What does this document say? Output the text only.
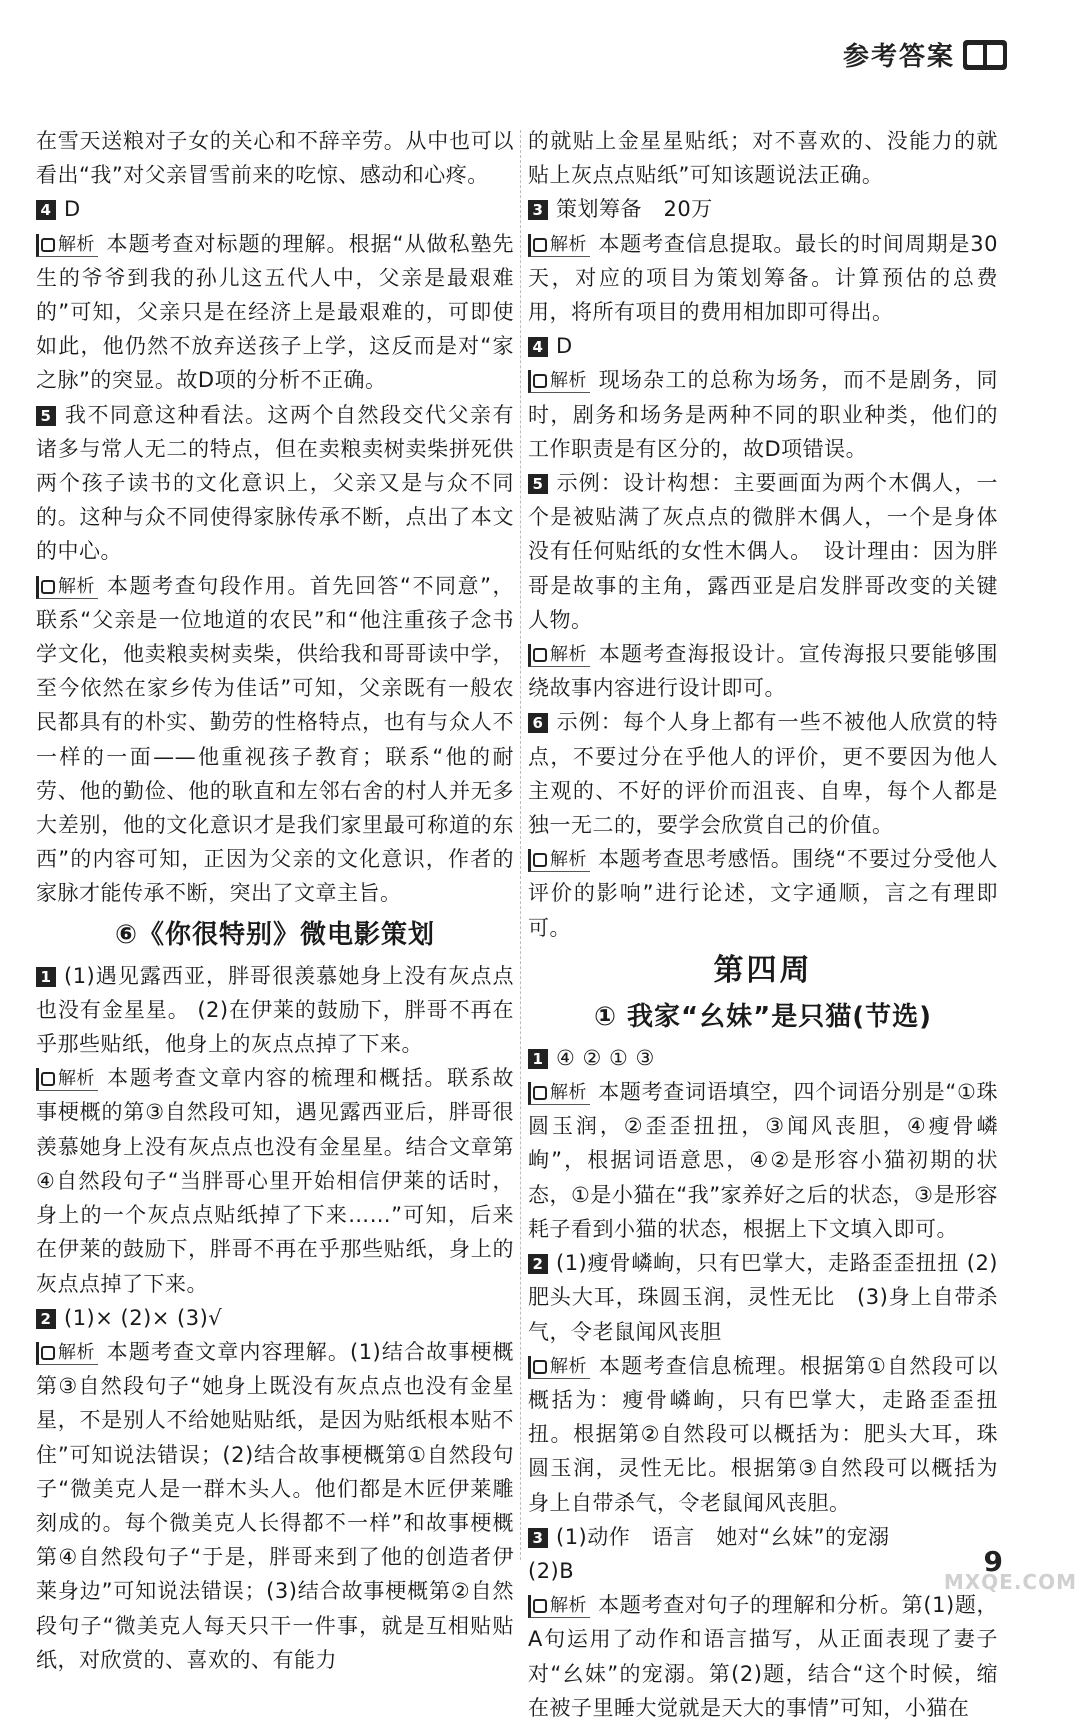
参考答案

在雪天送粮对子女的关心和不辞辛劳。从中也可以看出“我”对父亲冒雪前来的吃惊、感动和心疼。

4 D

解析 本题考查对标题的理解。根据“从做私塾先生的爷爷到我的孙儿这五代人中，父亲是最艰难的”可知，父亲只是在经济上是最艰难的，可即使如此，他仍然不放弃送孩子上学，这反而是对“家之脉”的突显。故D项的分析不正确。

5 我不同意这种看法。这两个自然段交代父亲有诸多与常人无二的特点，但在卖粮卖树卖柴拼死供两个孩子读书的文化意识上，父亲又是与众不同的。这种与众不同使得家脉传承不断，点出了本文的中心。

解析 本题考查句段作用。首先回答“不同意”，联系“父亲是一位地道的农民”和“他注重孩子念书学文化，他卖粮卖树卖柴，供给我和哥哥读中学，至今依然在家乡传为佳话”可知，父亲既有一般农民都具有的朴实、勤劳的性格特点，也有与众人不一样的一面——他重视孩子教育；联系“他的耐劳、他的勤俭、他的耿直和左邻右舍的村人并无多大差别，他的文化意识才是我们家里最可称道的东西”的内容可知，正因为父亲的文化意识，作者的家脉才能传承不断，突出了文章主旨。

⑥《你很特别》微电影策划

1 (1)遇见露西亚，胖哥很羡慕她身上没有灰点点也没有金星星。 (2)在伊莱的鼓励下，胖哥不再在乎那些贴纸，他身上的灰点点掉了下来。

解析 本题考查文章内容的梳理和概括。联系故事梗概的第③自然段可知，遇见露西亚后，胖哥很羡慕她身上没有灰点点也没有金星星。结合文章第④自然段句子“当胖哥心里开始相信伊莱的话时，身上的一个灰点点贴纸掉了下来……”可知，后来在伊莱的鼓励下，胖哥不再在乎那些贴纸，身上的灰点点掉了下来。

2 (1)× (2)× (3)√

解析 本题考查文章内容理解。(1)结合故事梗概第③自然段句子“她身上既没有灰点点也没有金星星，不是别人不给她贴贴纸，是因为贴纸根本贴不住”可知说法错误；(2)结合故事梗概第①自然段句子“微美克人是一群木头人。他们都是木匠伊莱雕刻成的。每个微美克人长得都不一样”和故事梗概第④自然段句子“于是，胖哥来到了他的创造者伊莱身边”可知说法错误；(3)结合故事梗概第②自然段句子“微美克人每天只干一件事，就是互相贴贴纸，对欣赏的、喜欢的、有能力

的就贴上金星星贴纸；对不喜欢的、没能力的就贴上灰点点贴纸”可知该题说法正确。

3 策划筹备　20万

解析 本题考查信息提取。最长的时间周期是30天，对应的项目为策划筹备。计算预估的总费用，将所有项目的费用相加即可得出。

4 D

解析 现场杂工的总称为场务，而不是剧务，同时，剧务和场务是两种不同的职业种类，他们的工作职责是有区分的，故D项错误。

5 示例：设计构想：主要画面为两个木偶人，一个是被贴满了灰点点的微胖木偶人，一个是身体没有任何贴纸的女性木偶人。　设计理由：因为胖哥是故事的主角，露西亚是启发胖哥改变的关键人物。

解析 本题考查海报设计。宣传海报只要能够围绕故事内容进行设计即可。

6 示例：每个人身上都有一些不被他人欣赏的特点，不要过分在乎他人的评价，更不要因为他人主观的、不好的评价而沮丧、自卑，每个人都是独一无二的，要学会欣赏自己的价值。

解析 本题考查思考感悟。围绕“不要过分受他人评价的影响”进行论述，文字通顺，言之有理即可。

第四周
① 我家“幺妹”是只猫(节选)

1 ④ ② ① ③

解析 本题考查词语填空，四个词语分别是“①珠圆玉润，②歪歪扭扭，③闻风丧胆，④瘦骨嶙峋”，根据词语意思，④②是形容小猫初期的状态，①是小猫在“我”家养好之后的状态，③是形容耗子看到小猫的状态，根据上下文填入即可。

2 (1)瘦骨嶙峋，只有巴掌大，走路歪歪扭扭 (2)肥头大耳，珠圆玉润，灵性无比　(3)身上自带杀气，令老鼠闻风丧胆

解析 本题考查信息梳理。根据第①自然段可以概括为：瘦骨嶙峋，只有巴掌大，走路歪歪扭扭。根据第②自然段可以概括为：肥头大耳，珠圆玉润，灵性无比。根据第③自然段可以概括为身上自带杀气，令老鼠闻风丧胆。

3 (1)动作　语言　她对“幺妹”的宠溺

(2)B

解析 本题考查对句子的理解和分析。第(1)题，A句运用了动作和语言描写，从正面表现了妻子对“幺妹”的宠溺。第(2)题，结合“这个时候，缩在被子里睡大觉就是天大的事情”可知，小猫在

9
MXQE.COM
